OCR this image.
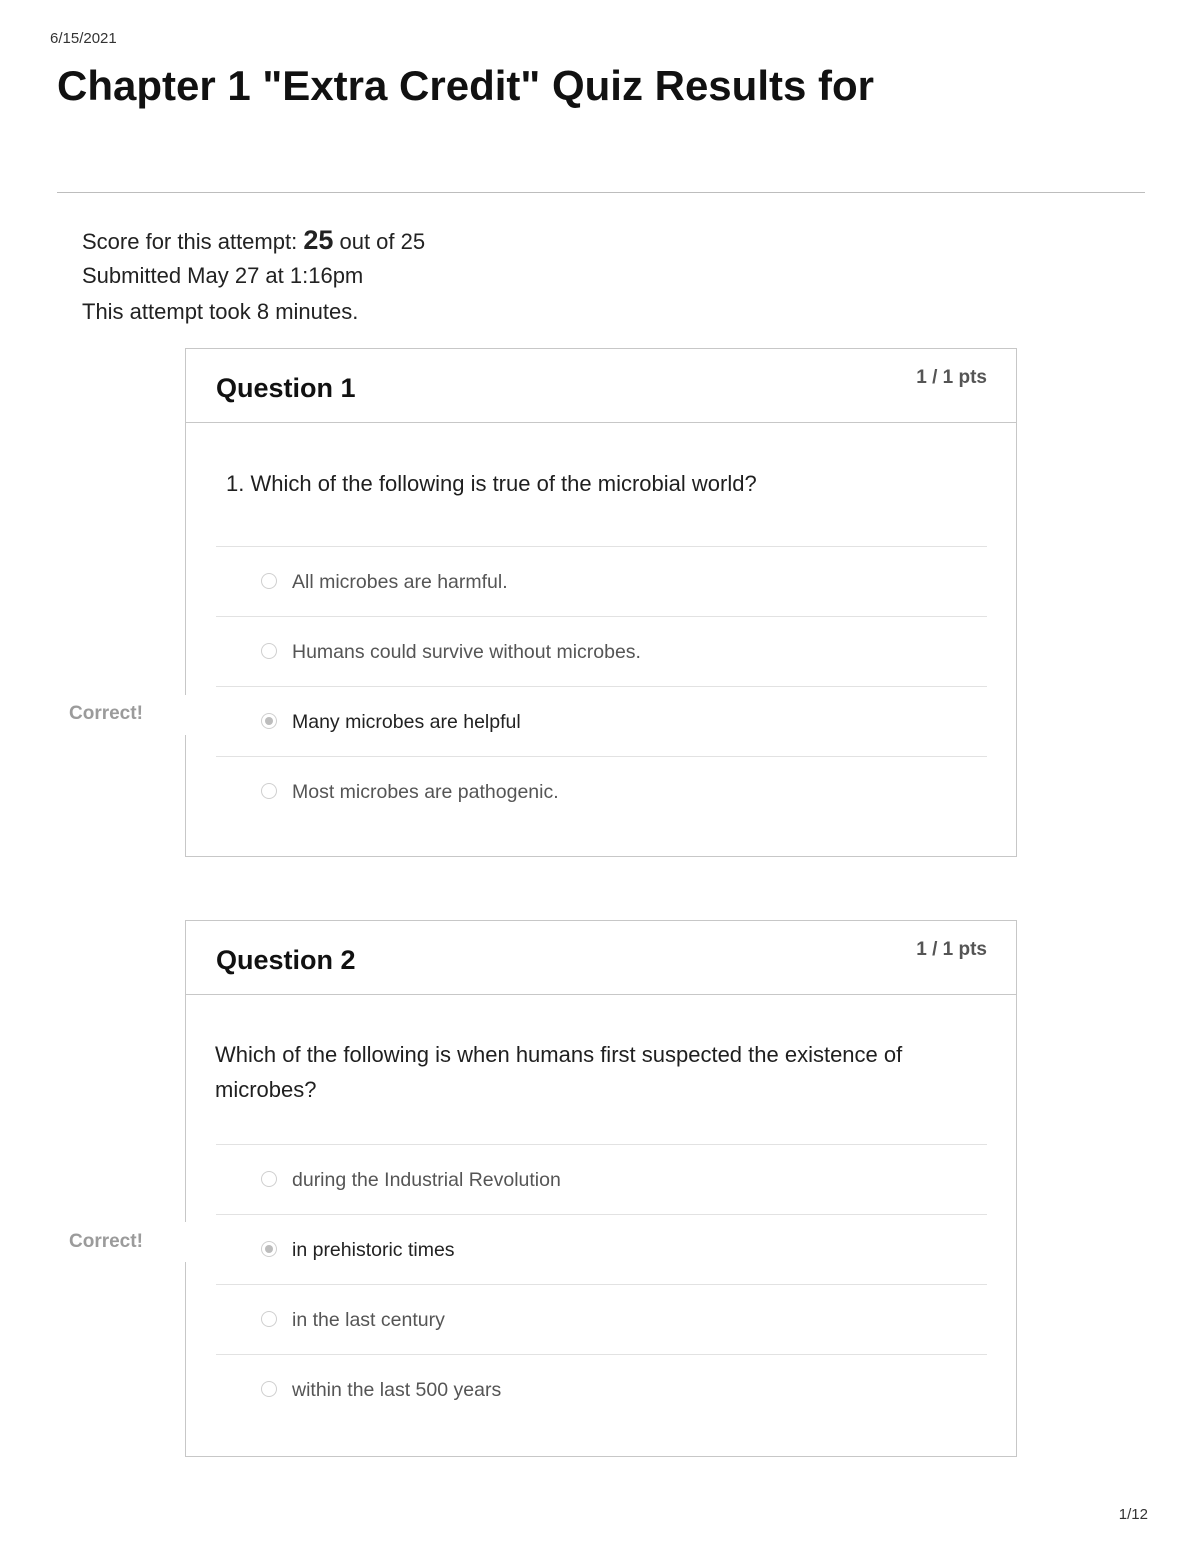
6/15/2021
Chapter 1 "Extra Credit" Quiz Results for
Score for this attempt: 25 out of 25
Submitted May 27 at 1:16pm
This attempt took 8 minutes.
Question 1	1 / 1 pts
1. Which of the following is true of the microbial world?
All microbes are harmful.
Humans could survive without microbes.
Many microbes are helpful
Most microbes are pathogenic.
Correct!
Question 2	1 / 1 pts
Which of the following is when humans first suspected the existence of microbes?
during the Industrial Revolution
in prehistoric times
in the last century
within the last 500 years
Correct!
1/12
